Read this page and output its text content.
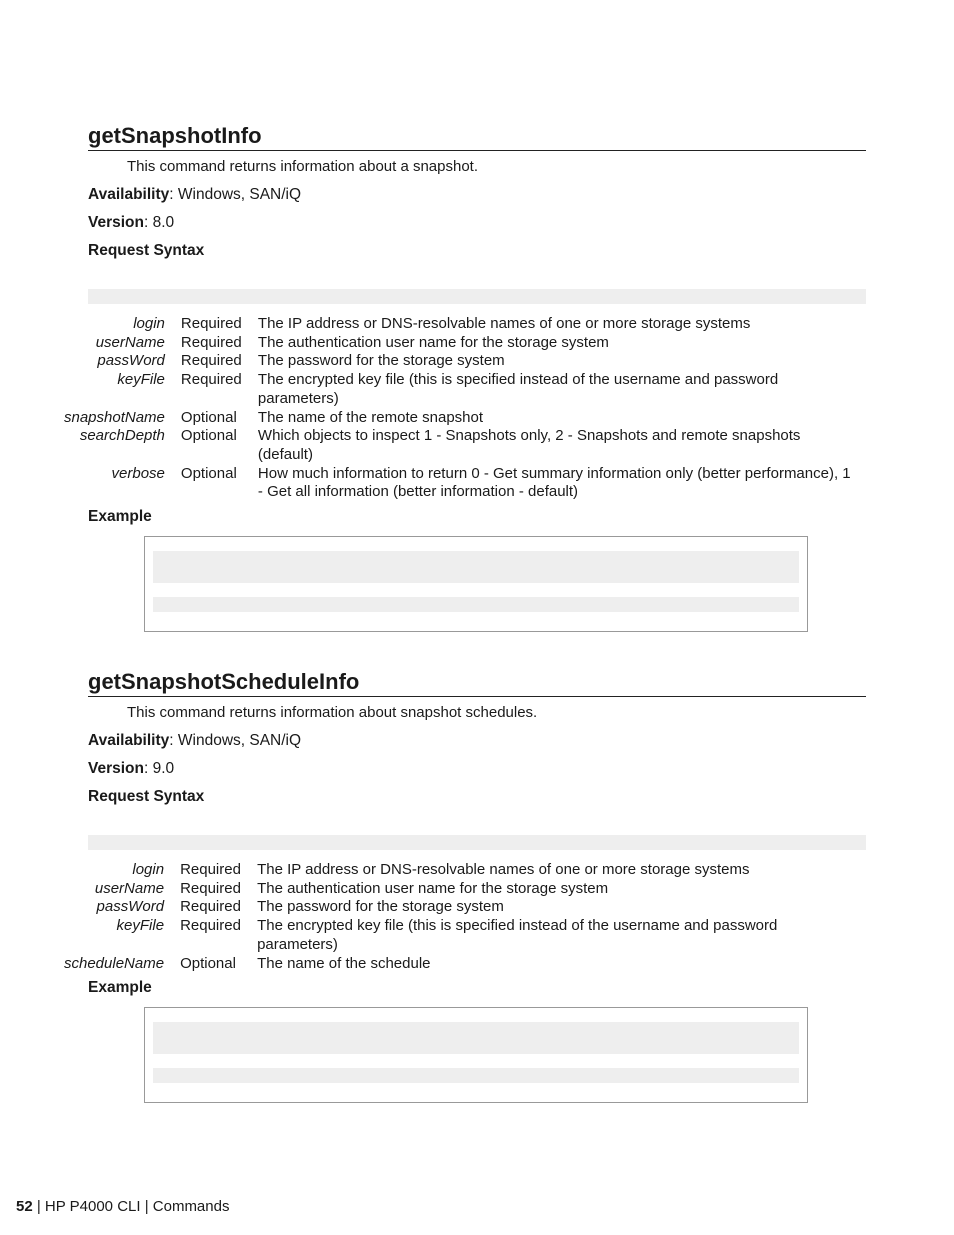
getSnapshotInfo
This command returns information about a snapshot.
Availability: Windows, SAN/iQ
Version: 8.0
Request Syntax
login	Required	The IP address or DNS-resolvable names of one or more storage systems
userName	Required	The authentication user name for the storage system
passWord	Required	The password for the storage system
keyFile	Required	The encrypted key file (this is specified instead of the username and password parameters)
snapshotName	Optional	The name of the remote snapshot
searchDepth	Optional	Which objects to inspect 1 - Snapshots only, 2 - Snapshots and remote snapshots (default)
verbose	Optional	How much information to return 0 - Get summary information only (better performance), 1 - Get all information (better information - default)
Example
getSnapshotScheduleInfo
This command returns information about snapshot schedules.
Availability: Windows, SAN/iQ
Version: 9.0
Request Syntax
login	Required	The IP address or DNS-resolvable names of one or more storage systems
userName	Required	The authentication user name for the storage system
passWord	Required	The password for the storage system
keyFile	Required	The encrypted key file (this is specified instead of the username and password parameters)
scheduleName	Optional	The name of the schedule
Example
52 | HP P4000 CLI | Commands
